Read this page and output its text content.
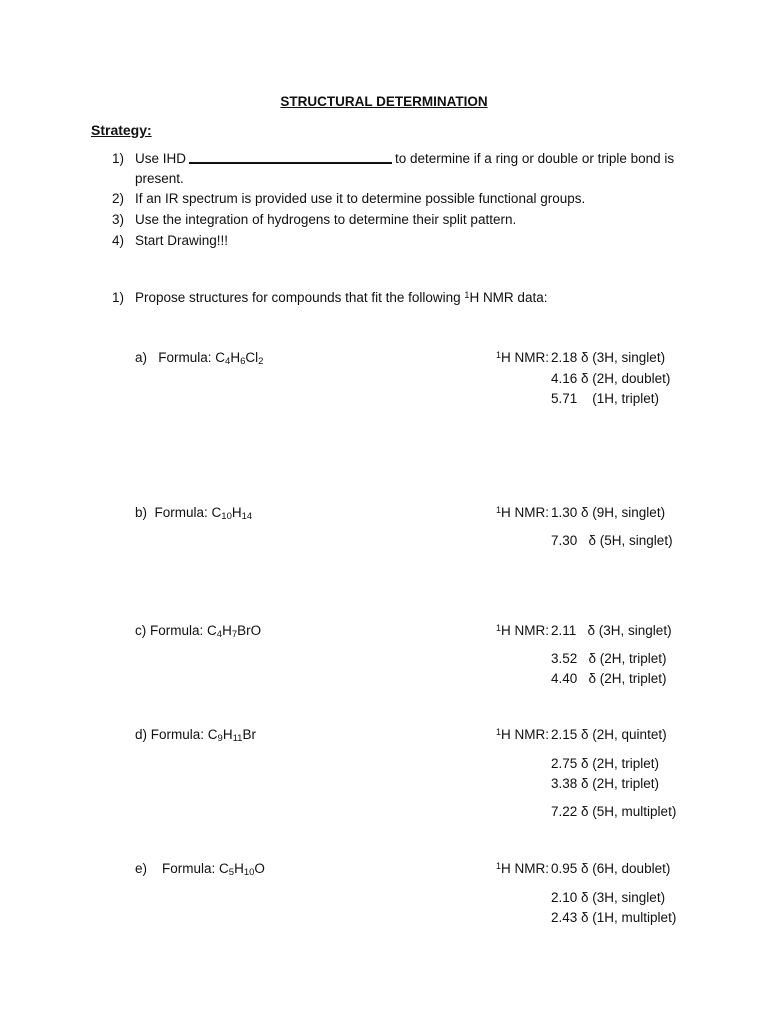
STRUCTURAL DETERMINATION
Strategy:
1) Use IHD	to determine if a ring or double or triple bond is
present.
2) If an IR spectrum is provided use it to determine possible functional groups.
3) Use the integration of hydrogens to determine their split pattern.
4) Start Drawing!!!
1) Propose structures for compounds that fit the following $^1$H NMR data:
a) Formula: $C_4H_6Cl_2$
$^1$H NMR: 2.18 δ (3H, singlet)
4.16 δ (2H, doublet)
5.71    (1H, triplet)
b) Formula: $C_{10}H_{14}$
$^1$H NMR: 1.30 δ (9H, singlet)
7.30   δ (5H, singlet)
c) Formula: $C_4H_7BrO$	$^1$H NMR: 2.11   δ (3H, singlet)
3.52   δ (2H, triplet)
4.40   δ (2H, triplet)
d) Formula: $C_9H_{11}Br$	$^1$H NMR: 2.15 δ (2H, quintet)
2.75 δ (2H, triplet)
3.38 δ (2H, triplet)
7.22 δ (5H, multiplet)
e) Formula: $C_5H_{10}O$	$^1$H NMR: 0.95 δ (6H, doublet)
2.10 δ (3H, singlet)
2.43 δ (1H, multiplet)
